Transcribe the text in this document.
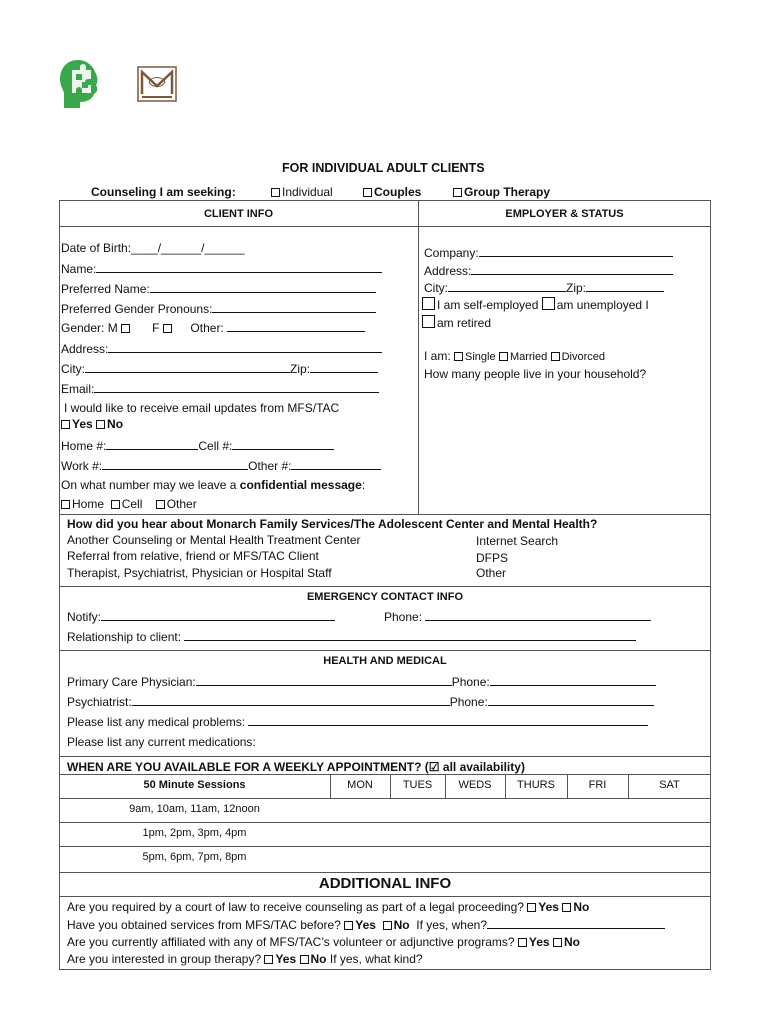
FOR INDIVIDUAL ADULT CLIENTS
Counseling I am seeking:	Individual	Couples	Group Therapy
CLIENT INFO	EMPLOYER & STATUS
Date of Birth:____/______/______
Name:
Preferred Name:
Preferred Gender Pronouns:
Gender: M	F	Other:
Address:
City:	Zip:
Email:
I would like to receive email updates from MFS/TAC
Yes No
Home #:	Cell #:
Work #:	Other #:
On what number may we leave a confidential message:
Home Cell Other
Company:
Address:
City:	Zip:
I am self-employed am unemployed I
am retired
I am: Single Married Divorced
How many people live in your household?
How did you hear about Monarch Family Services/The Adolescent Center and Mental Health?
Another Counseling or Mental Health Treatment Center
Referral from relative, friend or MFS/TAC Client
Therapist, Psychiatrist, Physician or Hospital Staff
Internet Search
DFPS
Other
EMERGENCY CONTACT INFO
Notify:	Phone:
Relationship to client:
HEALTH AND MEDICAL
Primary Care Physician:	Phone:
Psychiatrist:	Phone:
Please list any medical problems:
Please list any current medications:
WHEN ARE YOU AVAILABLE FOR A WEEKLY APPOINTMENT? (☑ all availability)
50 Minute Sessions	MON	TUES	WEDS	THURS	FRI	SAT
9am, 10am, 11am, 12noon
1pm, 2pm, 3pm, 4pm
5pm, 6pm, 7pm, 8pm
ADDITIONAL INFO
Are you required by a court of law to receive counseling as part of a legal proceeding? Yes No
Have you obtained services from MFS/TAC before? Yes No If yes, when?
Are you currently affiliated with any of MFS/TAC’s volunteer or adjunctive programs? Yes No
Are you interested in group therapy? Yes No If yes, what kind?
